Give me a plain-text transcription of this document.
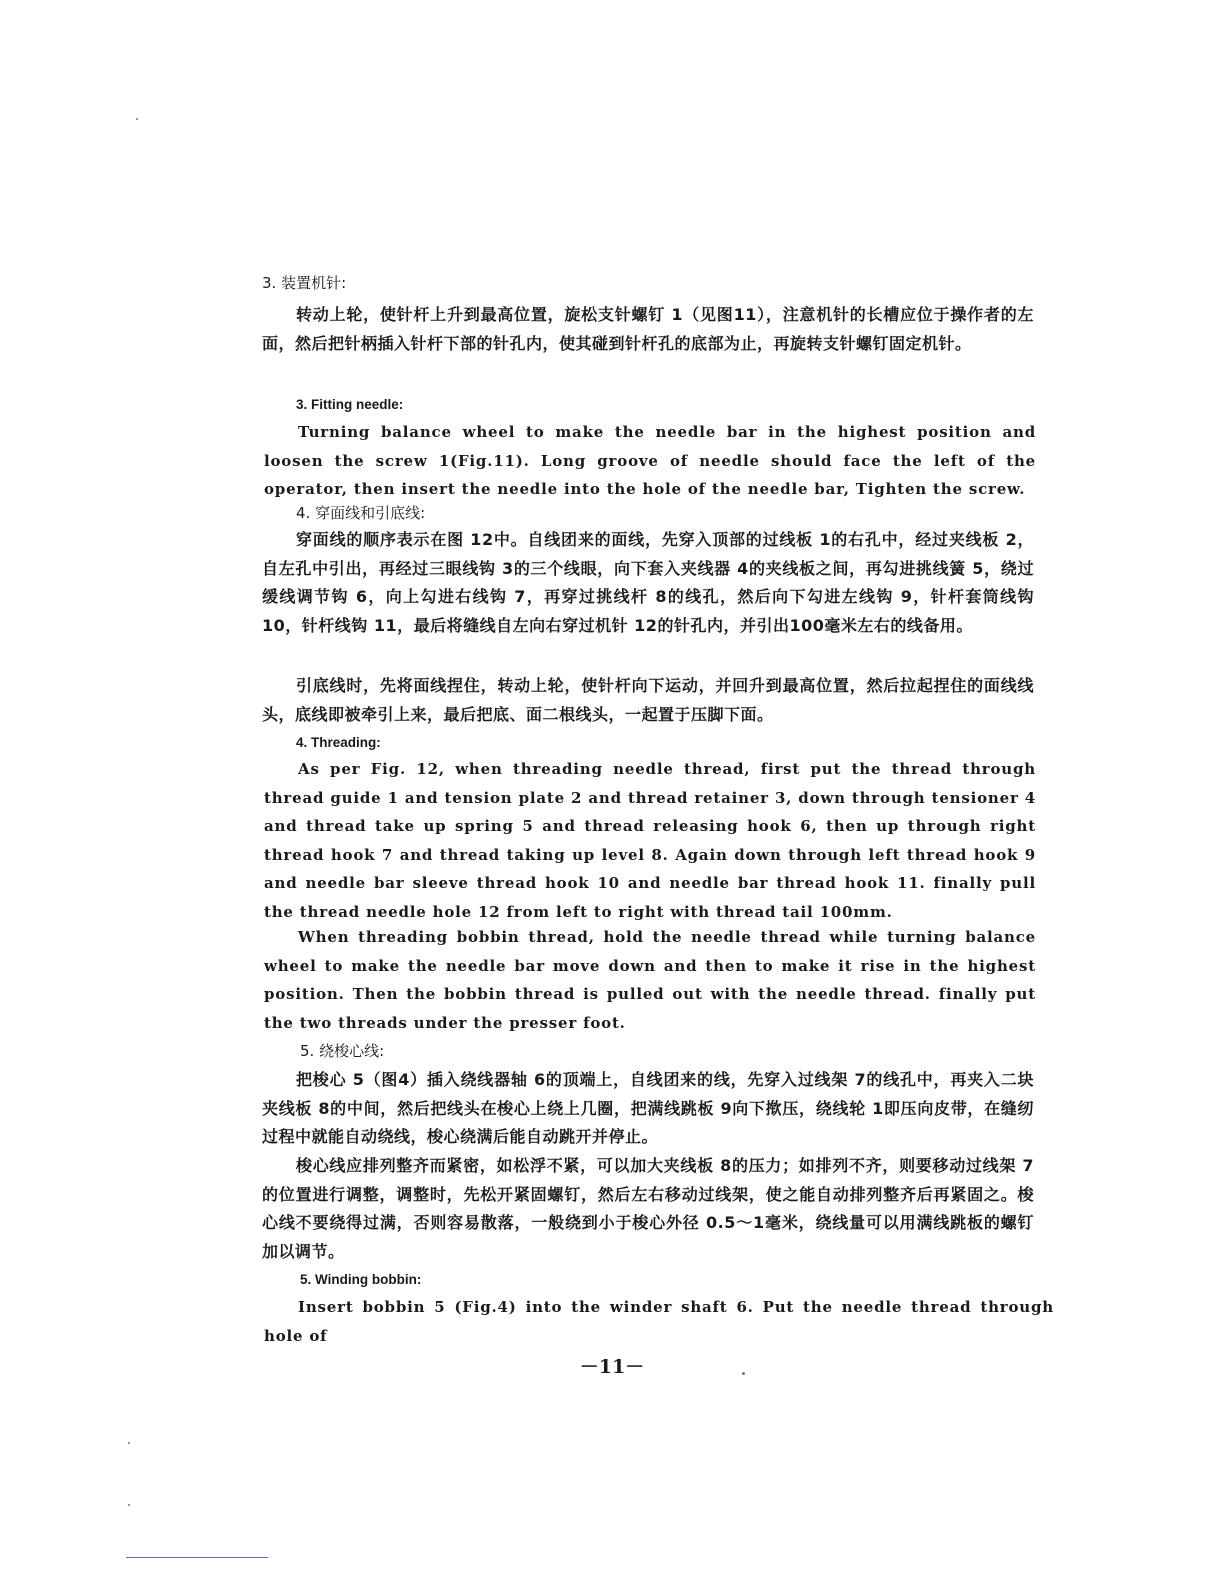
3. 装置机针:

转动上轮，使针杆上升到最高位置，旋松支针螺钉 1（见图11），注意机针的长槽应位于操作者的左面，然后把针柄插入针杆下部的针孔内，使其碰到针杆孔的底部为止，再旋转支针螺钉固定机针。

3. Fitting needle:

Turning balance wheel to make the needle bar in the highest position and loosen the screw 1(Fig.11). Long groove of needle should face the left of the operator, then insert the needle into the hole of the needle bar, Tighten the screw.

4. 穿面线和引底线:

穿面线的顺序表示在图 12中。自线团来的面线，先穿入顶部的过线板 1的右孔中，经过夹线板 2，自左孔中引出，再经过三眼线钩 3的三个线眼，向下套入夹线器 4的夹线板之间，再勾进挑线簧 5，绕过缓线调节钩 6，向上勾进右线钩 7，再穿过挑线杆 8的线孔，然后向下勾进左线钩 9，针杆套筒线钩 10，针杆线钩 11，最后将缝线自左向右穿过机针 12的针孔内，并引出100毫米左右的线备用。

引底线时，先将面线捏住，转动上轮，使针杆向下运动，并回升到最高位置，然后拉起捏住的面线线头，底线即被牵引上来，最后把底、面二根线头，一起置于压脚下面。

4. Threading:

As per Fig. 12, when threading needle thread, first put the thread through thread guide 1 and tension plate 2 and thread retainer 3, down through tensioner 4 and thread take up spring 5 and thread releasing hook 6, then up through right thread hook 7 and thread taking up level 8. Again down through left thread hook 9 and needle bar sleeve thread hook 10 and needle bar thread hook 11. finally pull the thread needle hole 12 from left to right with thread tail 100mm.

When threading bobbin thread, hold the needle thread while turning balance wheel to make the needle bar move down and then to make it rise in the highest position. Then the bobbin thread is pulled out with the needle thread. finally put the two threads under the presser foot.

5. 绕梭心线:

把梭心 5（图4）插入绕线器轴 6的顶端上，自线团来的线，先穿入过线架 7的线孔中，再夹入二块夹线板 8的中间，然后把线头在梭心上绕上几圈，把满线跳板 9向下揿压，绕线轮 1即压向皮带，在缝纫过程中就能自动绕线，梭心绕满后能自动跳开并停止。

梭心线应排列整齐而紧密，如松浮不紧，可以加大夹线板 8的压力；如排列不齐，则要移动过线架 7的位置进行调整，调整时，先松开紧固螺钉，然后左右移动过线架，使之能自动排列整齐后再紧固之。梭心线不要绕得过满，否则容易散落，一般绕到小于梭心外径 0.5～1毫米，绕线量可以用满线跳板的螺钉加以调节。

5. Winding bobbin:

Insert bobbin 5 (Fig.4) into the winder shaft 6. Put the needle thread through hole of

－11－
